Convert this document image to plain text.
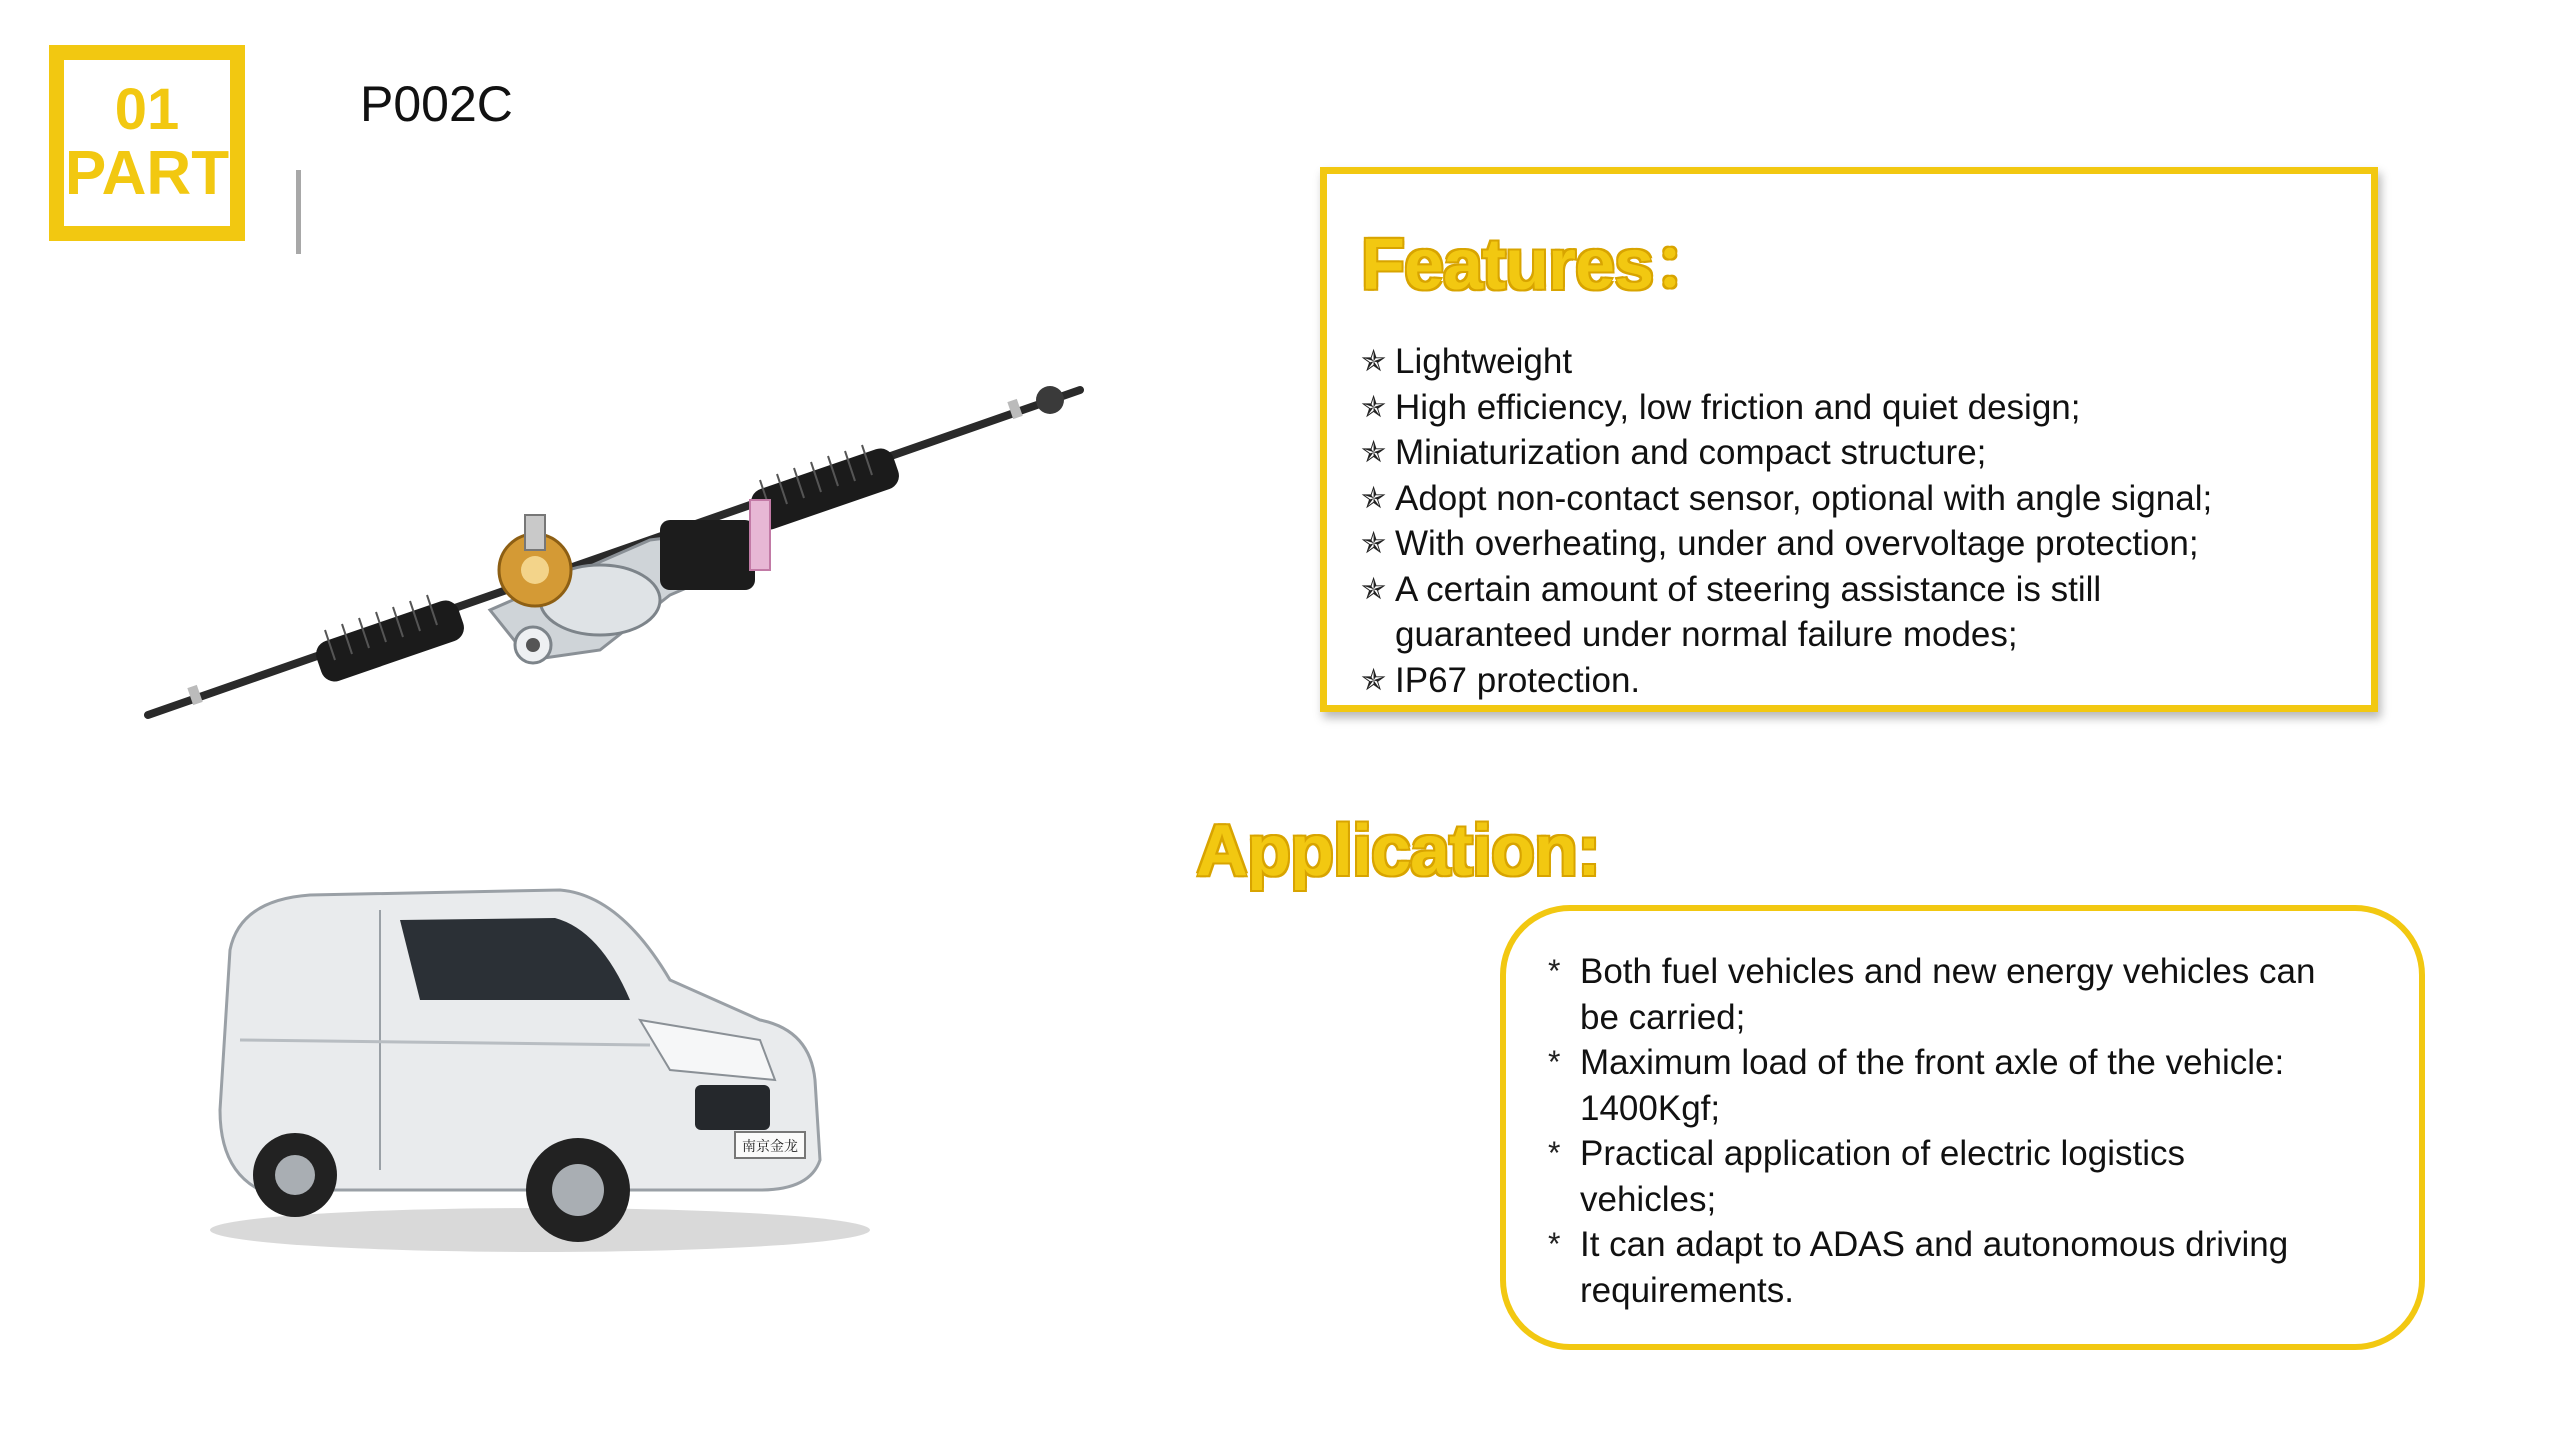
01
PART
P002C
南京金龙
Features：
✯ Lightweight
✯ High efficiency, low friction and quiet design;
✯ Miniaturization and compact structure;
✯ Adopt non-contact sensor, optional with angle signal;
✯ With overheating, under and overvoltage protection;
✯ A certain amount of steering assistance is still
guaranteed under normal failure modes;
✯ IP67 protection.
Application:
* Both fuel vehicles and new energy vehicles can
be carried;
* Maximum load of the front axle of the vehicle:
1400Kgf;
* Practical application of electric logistics
vehicles;
* It can adapt to ADAS and autonomous driving
requirements.
